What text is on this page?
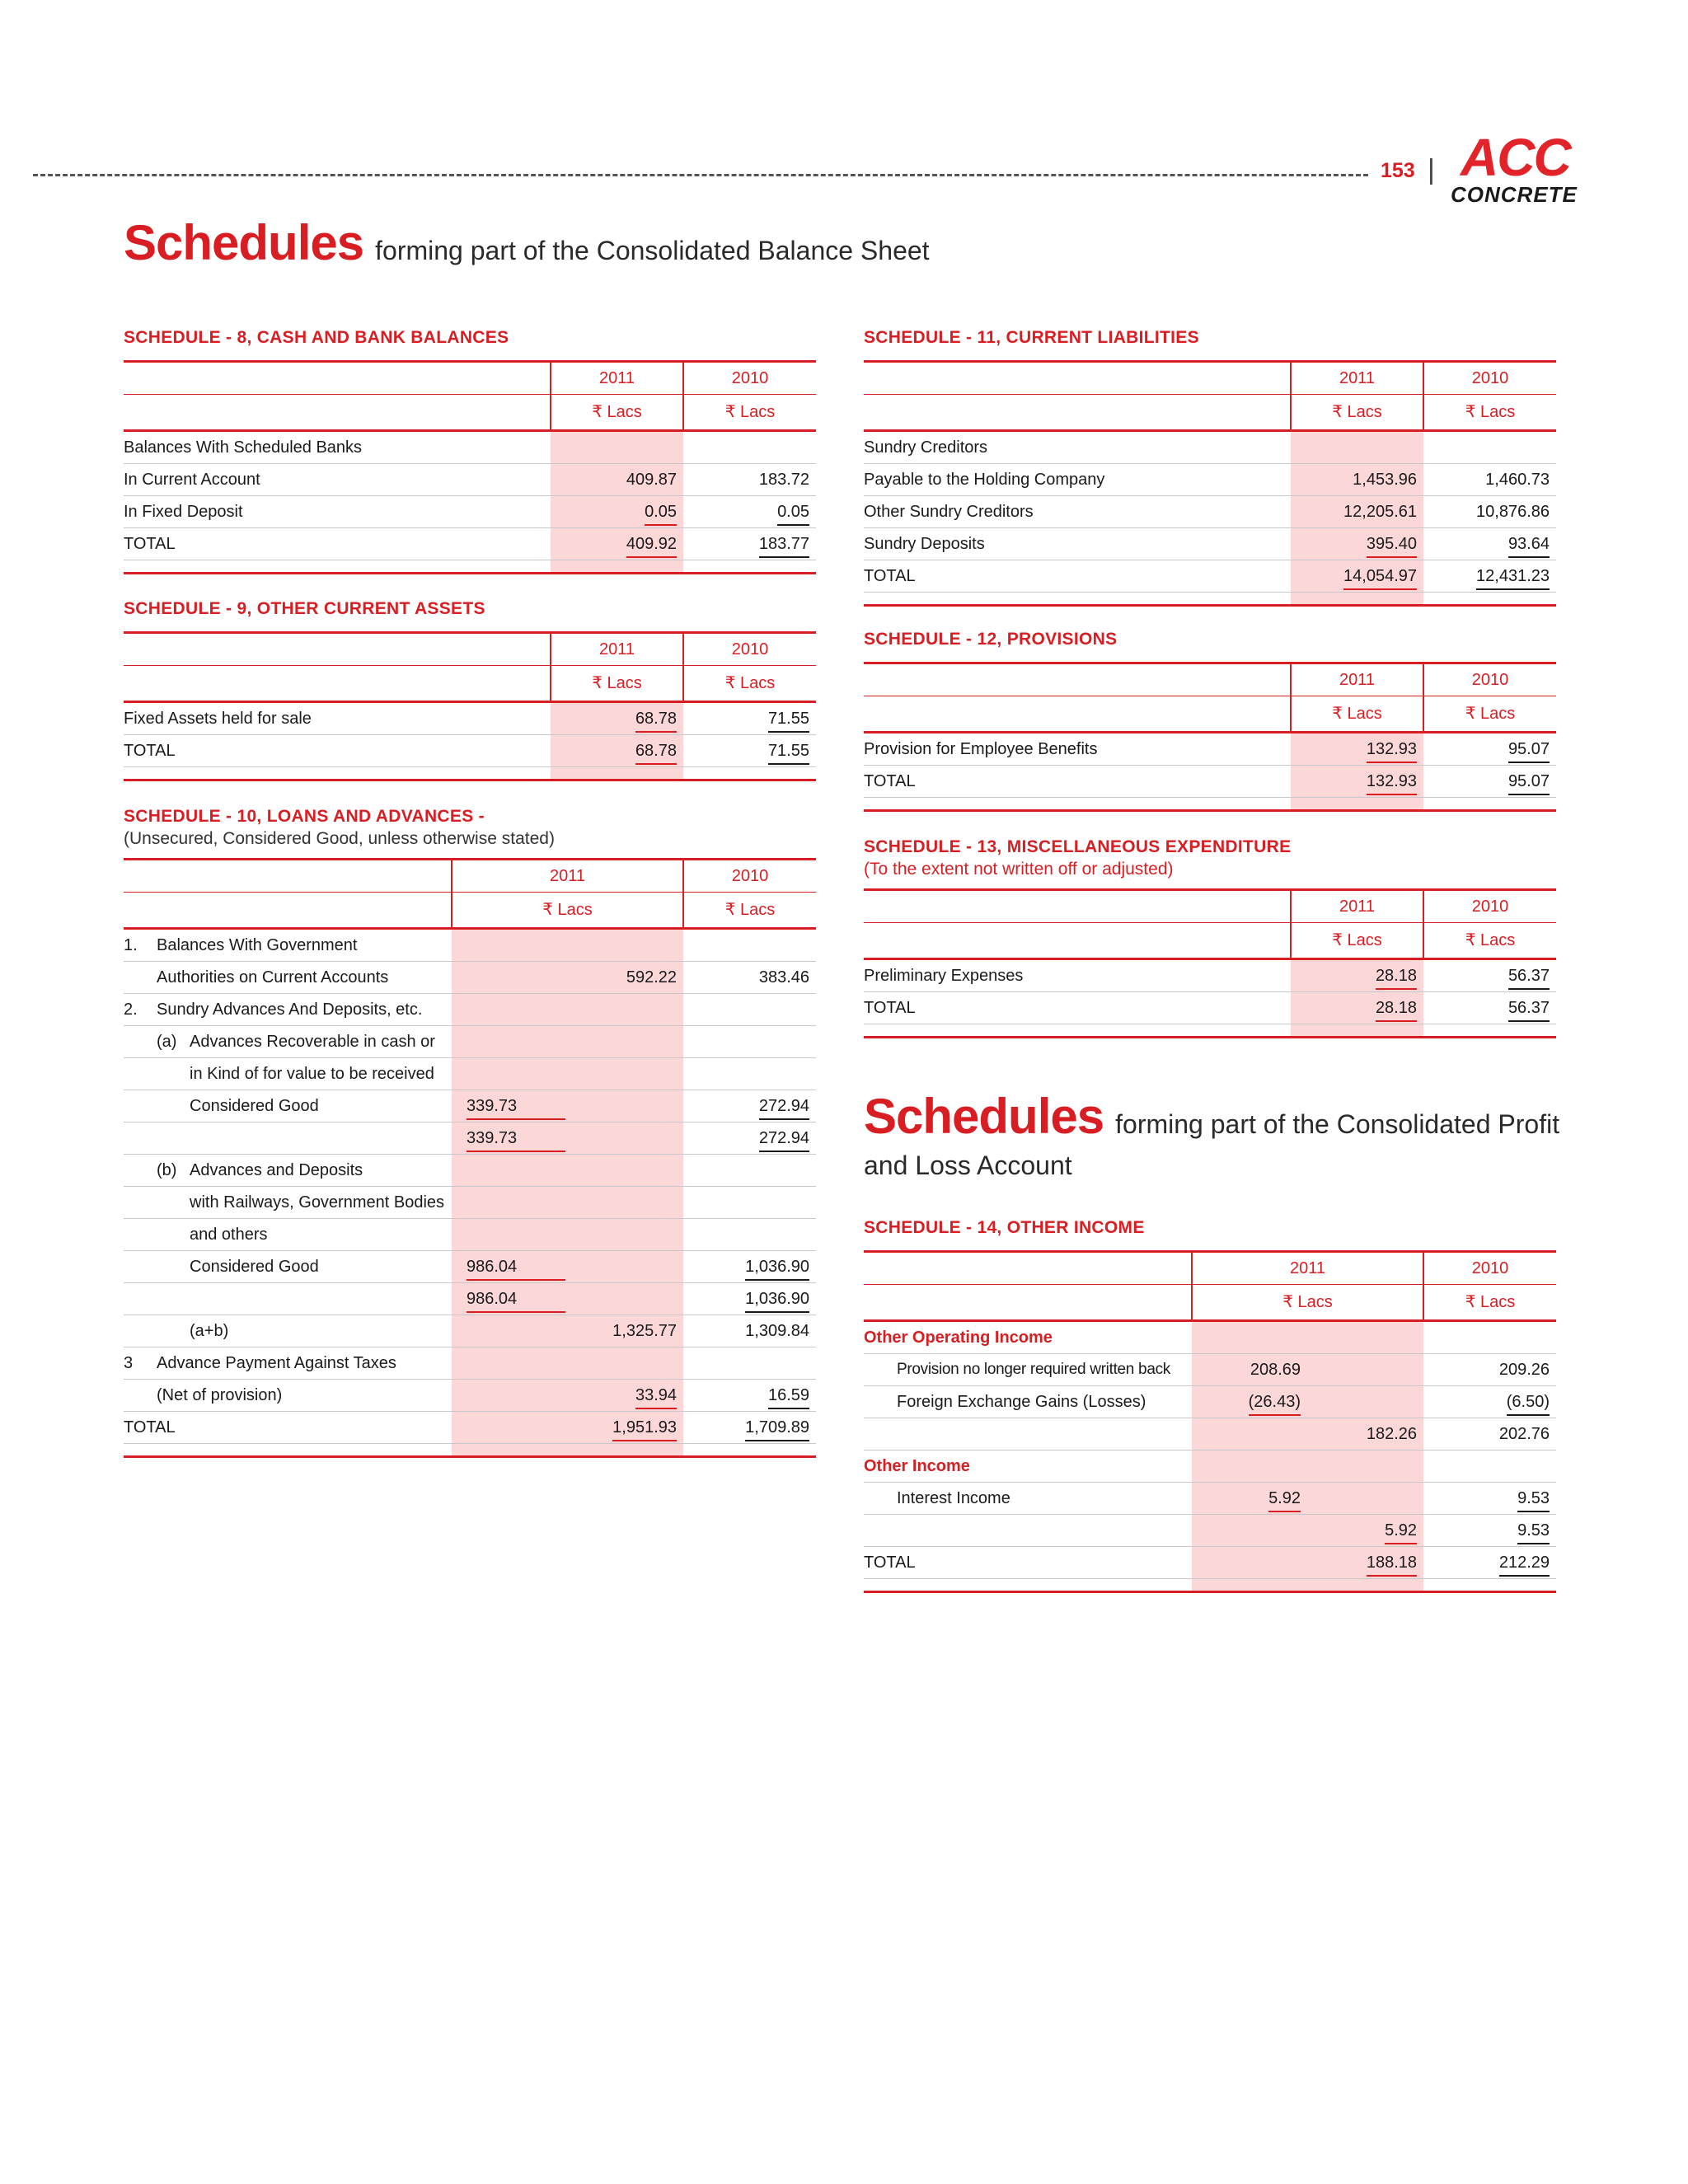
153 | ACC
CONCRETE
Schedules forming part of the Consolidated Balance Sheet
SCHEDULE - 8, CASH AND BANK BALANCES
	2011	2010
	₹ Lacs	₹ Lacs
Balances With Scheduled Banks		
In Current Account	409.87	183.72
In Fixed Deposit	0.05	0.05
TOTAL	409.92	183.77

SCHEDULE - 9, OTHER CURRENT ASSETS
	2011	2010
	₹ Lacs	₹ Lacs
Fixed Assets held for sale	68.78	71.55
TOTAL	68.78	71.55

SCHEDULE - 10, LOANS AND ADVANCES -
(Unsecured, Considered Good, unless otherwise stated)
		2011		2010
		₹ Lacs		₹ Lacs
1.	Balances With Government			
	Authorities on Current Accounts		592.22	383.46
2.	Sundry Advances And Deposits, etc.			
	(a) Advances Recoverable in cash or			
	in Kind of for value to be received			
	Considered Good	339.73		272.94
		339.73		272.94
	(b) Advances and Deposits			
	with Railways, Government Bodies			
	and others			
	Considered Good	986.04		1,036.90
		986.04		1,036.90
	(a+b)		1,325.77	1,309.84
3	Advance Payment Against Taxes			
	(Net of provision)		33.94	16.59
TOTAL			1,951.93	1,709.89

SCHEDULE - 11, CURRENT LIABILITIES
	2011	2010
	₹ Lacs	₹ Lacs
Sundry Creditors		
Payable to the Holding Company	1,453.96	1,460.73
Other Sundry Creditors	12,205.61	10,876.86
Sundry Deposits	395.40	93.64
TOTAL	14,054.97	12,431.23

SCHEDULE - 12, PROVISIONS
	2011	2010
	₹ Lacs	₹ Lacs
Provision for Employee Benefits	132.93	95.07
TOTAL	132.93	95.07

SCHEDULE - 13, MISCELLANEOUS EXPENDITURE
(To the extent not written off or adjusted)
	2011	2010
	₹ Lacs	₹ Lacs
Preliminary Expenses	28.18	56.37
TOTAL	28.18	56.37

Schedules forming part of the Consolidated Profit
and Loss Account
SCHEDULE - 14, OTHER INCOME
	2011		2010
	₹ Lacs		₹ Lacs
Other Operating Income			
Provision no longer required written back	208.69		209.26
Foreign Exchange Gains (Losses)	(26.43)		(6.50)
		182.26	202.76
Other Income			
Interest Income	5.92		9.53
		5.92	9.53
TOTAL		188.18	212.29
